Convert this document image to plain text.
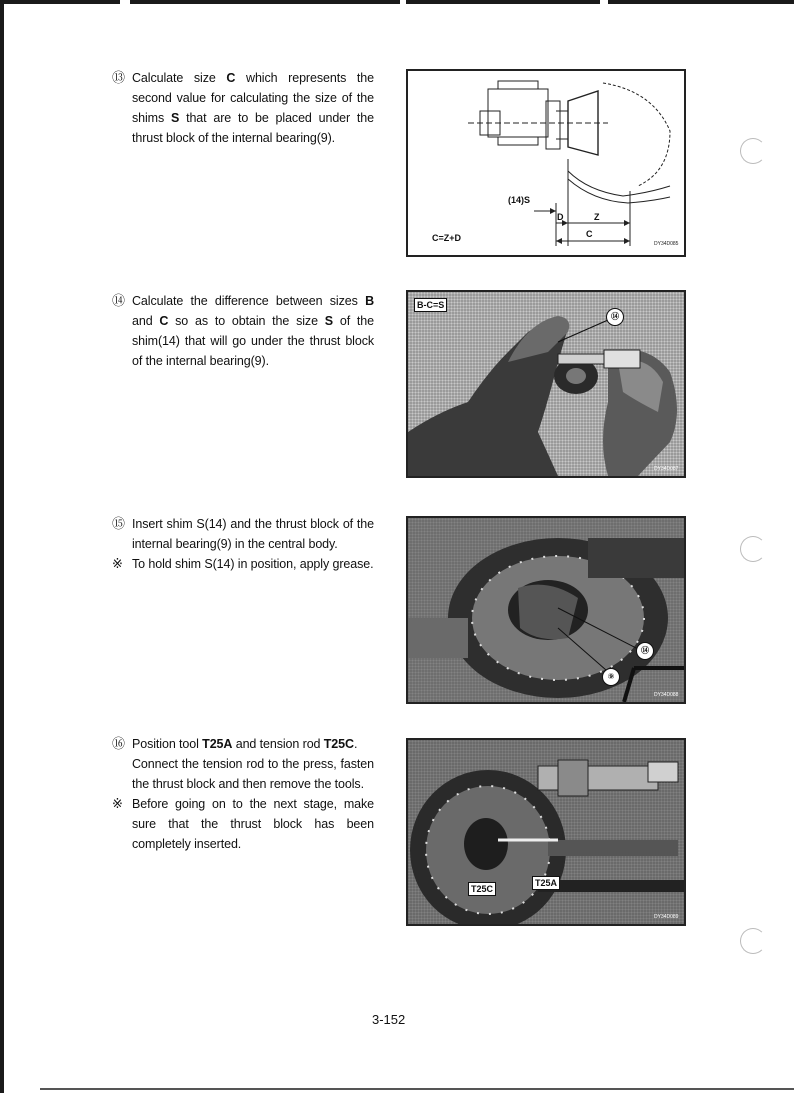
⑬ Calculate size C which represents the second value for calculating the size of the shims S that are to be placed under the thrust block of the internal bearing(9).
(14)S
D	Z
C
C=Z+D
DY34D085
⑭ Calculate the difference between sizes B and C so as to obtain the size S of the shim(14) that will go under the thrust block of the internal bearing(9).
B-C=S
⑭
DY34D087
⑮ Insert shim S(14) and the thrust block of the internal bearing(9) in the central body.
※ To hold shim S(14) in position, apply grease.
⑭
⑨
DY34D088
⑯ Position tool T25A and tension rod T25C.
Connect the tension rod to the press, fasten the thrust block and then remove the tools.
※ Before going on to the next stage, make sure that the thrust block has been completely inserted.
T25C
T25A
DY34D089
3-152
